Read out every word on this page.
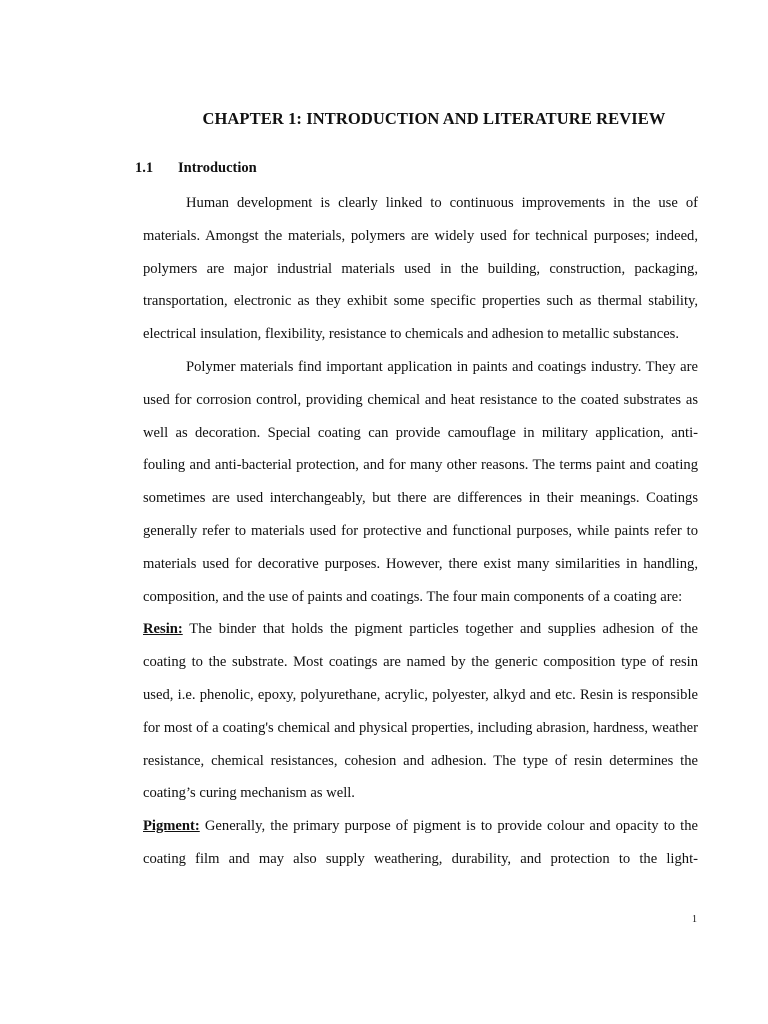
CHAPTER 1: INTRODUCTION AND LITERATURE REVIEW
1.1 Introduction

Human development is clearly linked to continuous improvements in the use of materials. Amongst the materials, polymers are widely used for technical purposes; indeed, polymers are major industrial materials used in the building, construction, packaging, transportation, electronic as they exhibit some specific properties such as thermal stability, electrical insulation, flexibility, resistance to chemicals and adhesion to metallic substances.

Polymer materials find important application in paints and coatings industry. They are used for corrosion control, providing chemical and heat resistance to the coated substrates as well as decoration. Special coating can provide camouflage in military application, anti-fouling and anti-bacterial protection, and for many other reasons. The terms paint and coating sometimes are used interchangeably, but there are differences in their meanings. Coatings generally refer to materials used for protective and functional purposes, while paints refer to materials used for decorative purposes. However, there exist many similarities in handling, composition, and the use of paints and coatings. The four main components of a coating are:

Resin: The binder that holds the pigment particles together and supplies adhesion of the coating to the substrate. Most coatings are named by the generic composition type of resin used, i.e. phenolic, epoxy, polyurethane, acrylic, polyester, alkyd and etc. Resin is responsible for most of a coating's chemical and physical properties, including abrasion, hardness, weather resistance, chemical resistances, cohesion and adhesion. The type of resin determines the coating’s curing mechanism as well.

Pigment: Generally, the primary purpose of pigment is to provide colour and opacity to the coating film and may also supply weathering, durability, and protection to the light-

1
